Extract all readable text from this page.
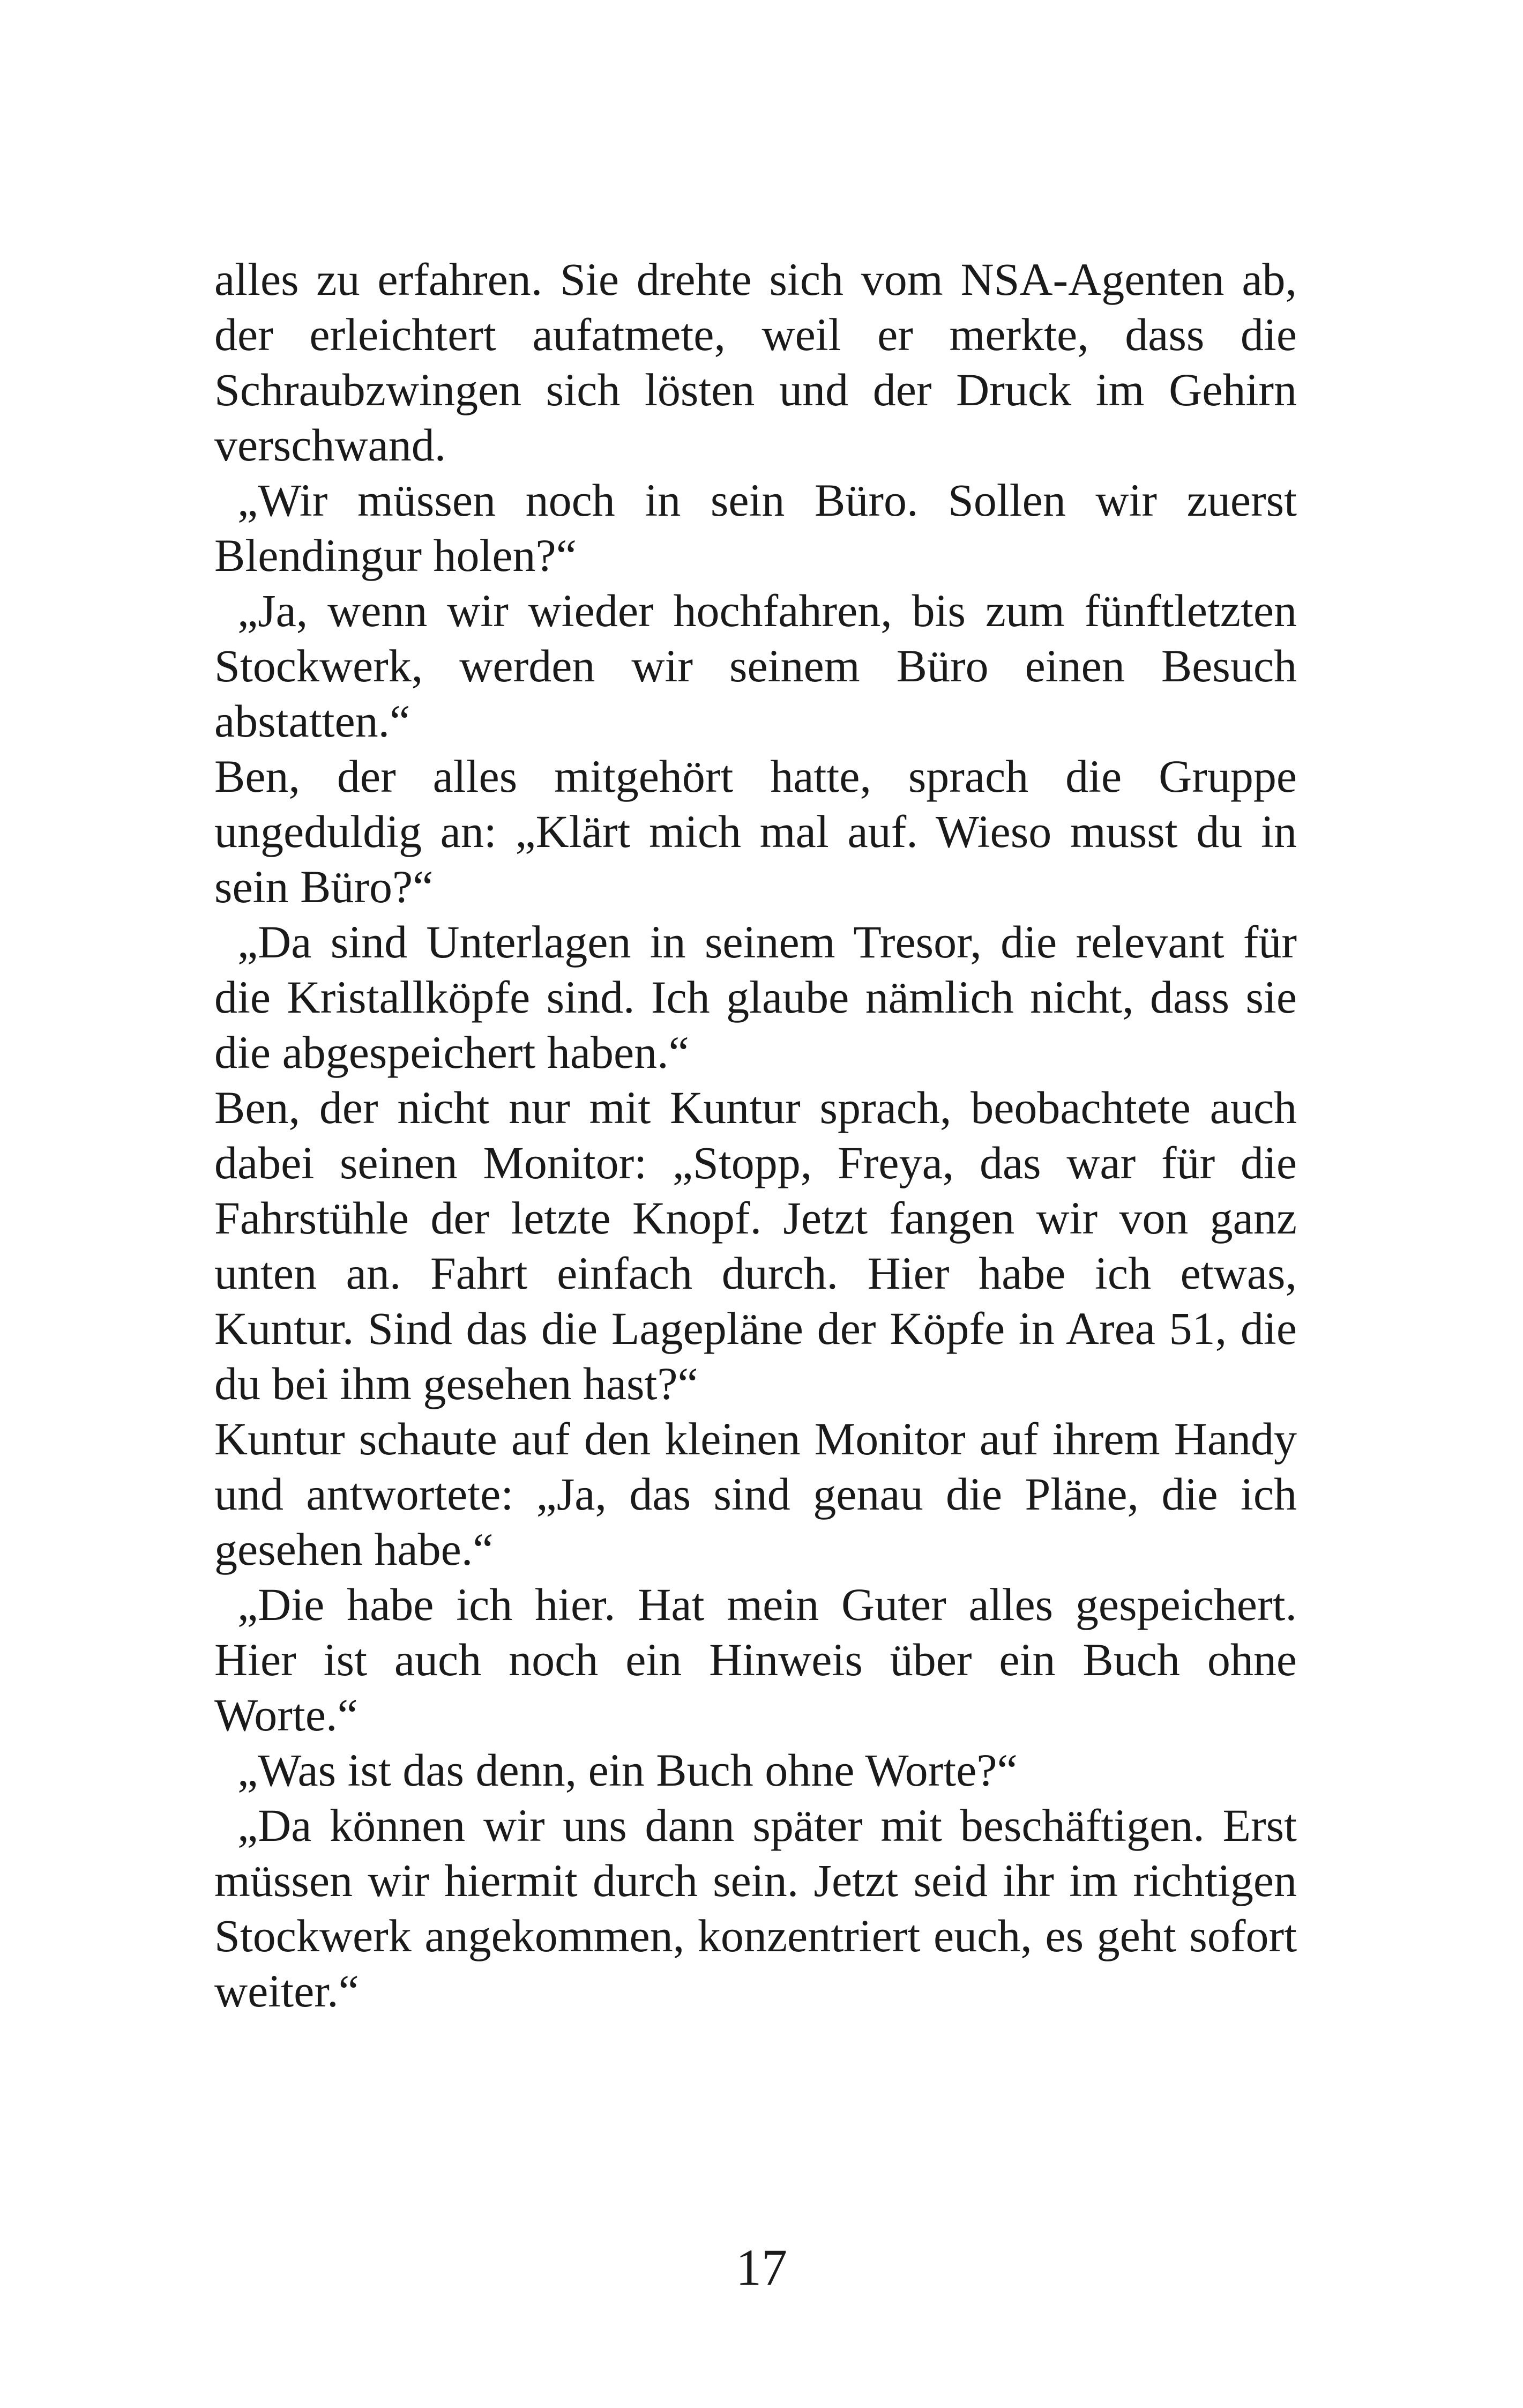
alles zu erfahren. Sie drehte sich vom NSA-Agenten ab, der erleichtert aufatmete, weil er merkte, dass die Schraubzwingen sich lösten und der Druck im Gehirn verschwand.

„Wir müssen noch in sein Büro. Sollen wir zuerst Blendingur holen?“

„Ja, wenn wir wieder hochfahren, bis zum fünftletzten Stockwerk, werden wir seinem Büro einen Besuch abstatten.“

Ben, der alles mitgehört hatte, sprach die Gruppe ungeduldig an: „Klärt mich mal auf. Wieso musst du in sein Büro?“

„Da sind Unterlagen in seinem Tresor, die relevant für die Kristallköpfe sind. Ich glaube nämlich nicht, dass sie die abgespeichert haben.“

Ben, der nicht nur mit Kuntur sprach, beobachtete auch dabei seinen Monitor: „Stopp, Freya, das war für die Fahrstühle der letzte Knopf. Jetzt fangen wir von ganz unten an. Fahrt einfach durch. Hier habe ich etwas, Kuntur. Sind das die Lagepläne der Köpfe in Area 51, die du bei ihm gesehen hast?“

Kuntur schaute auf den kleinen Monitor auf ihrem Handy und antwortete: „Ja, das sind genau die Pläne, die ich gesehen habe.“

„Die habe ich hier. Hat mein Guter alles gespeichert. Hier ist auch noch ein Hinweis über ein Buch ohne Worte.“

„Was ist das denn, ein Buch ohne Worte?“

„Da können wir uns dann später mit beschäftigen. Erst müssen wir hiermit durch sein. Jetzt seid ihr im richtigen Stockwerk angekommen, konzentriert euch, es geht sofort weiter.“

17
